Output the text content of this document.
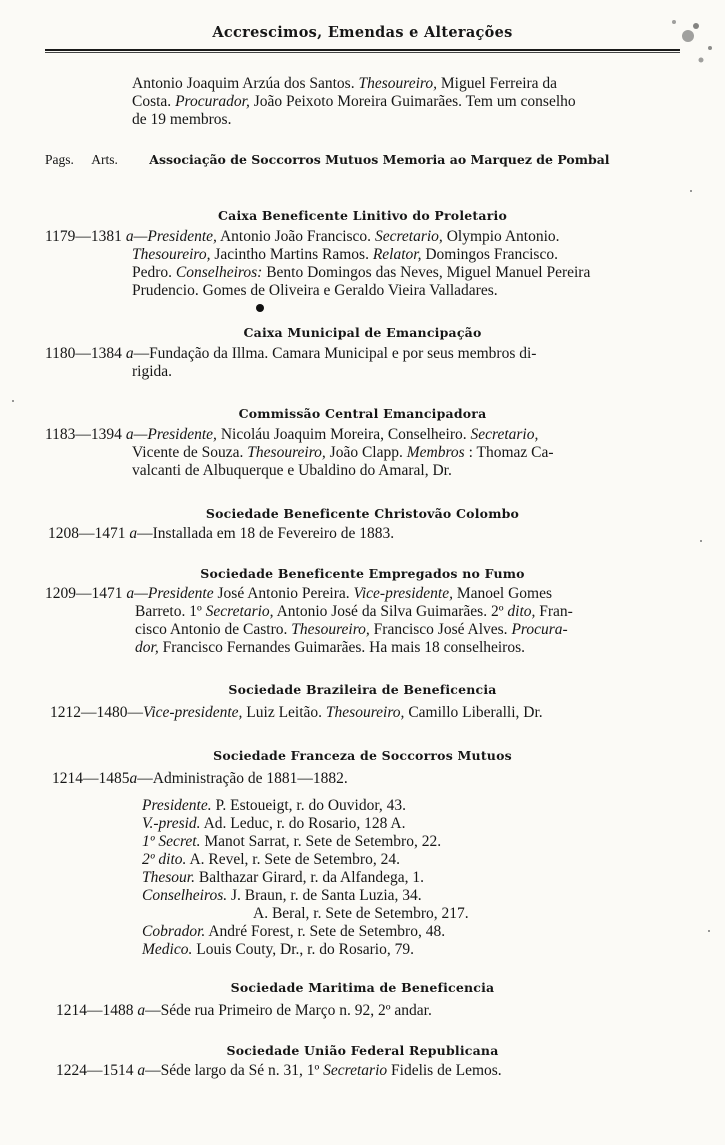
Accrescimos, Emendas e Alterações
Antonio Joaquim Arzúa dos Santos. Thesoureiro, Miguel Ferreira da
Costa. Procurador, João Peixoto Moreira Guimarães. Tem um conselho
de 19 membros.
Pags. Arts.	Associação de Soccorros Mutuos Memoria ao Marquez de Pombal
Caixa Beneficente Linitivo do Proletario
1179—1381 a—Presidente, Antonio João Francisco. Secretario, Olympio Antonio.
Thesoureiro, Jacintho Martins Ramos. Relator, Domingos Francisco.
Pedro. Conselheiros: Bento Domingos das Neves, Miguel Manuel Pereira
Prudencio. Gomes de Oliveira e Geraldo Vieira Valladares.
Caixa Municipal de Emancipação
1180—1384 a—Fundação da Illma. Camara Municipal e por seus membros di-
rigida.
Commissão Central Emancipadora
1183—1394 a—Presidente, Nicoláu Joaquim Moreira, Conselheiro. Secretario,
Vicente de Souza. Thesoureiro, João Clapp. Membros : Thomaz Ca-
valcanti de Albuquerque e Ubaldino do Amaral, Dr.
Sociedade Beneficente Christovão Colombo
1208—1471 a—Installada em 18 de Fevereiro de 1883.
Sociedade Beneficente Empregados no Fumo
1209—1471 a—Presidente José Antonio Pereira. Vice-presidente, Manoel Gomes
Barreto. 1º Secretario, Antonio José da Silva Guimarães. 2º dito, Fran-
cisco Antonio de Castro. Thesoureiro, Francisco José Alves. Procura-
dor, Francisco Fernandes Guimarães. Ha mais 18 conselheiros.
Sociedade Brazileira de Beneficencia
1212—1480—Vice-presidente, Luiz Leitão. Thesoureiro, Camillo Liberalli, Dr.
Sociedade Franceza de Soccorros Mutuos
1214—1485a—Administração de 1881—1882.
Presidente. P. Estoueigt, r. do Ouvidor, 43.
V.-presid. Ad. Leduc, r. do Rosario, 128 A.
1º Secret. Manot Sarrat, r. Sete de Setembro, 22.
2º dito. A. Revel, r. Sete de Setembro, 24.
Thesour. Balthazar Girard, r. da Alfandega, 1.
Conselheiros. J. Braun, r. de Santa Luzia, 34.
A. Beral, r. Sete de Setembro, 217.
Cobrador. André Forest, r. Sete de Setembro, 48.
Medico. Louis Couty, Dr., r. do Rosario, 79.
Sociedade Maritima de Beneficencia
1214—1488 a—Séde rua Primeiro de Março n. 92, 2º andar.
Sociedade União Federal Republicana
1224—1514 a—Séde largo da Sé n. 31, 1º Secretario Fidelis de Lemos.
